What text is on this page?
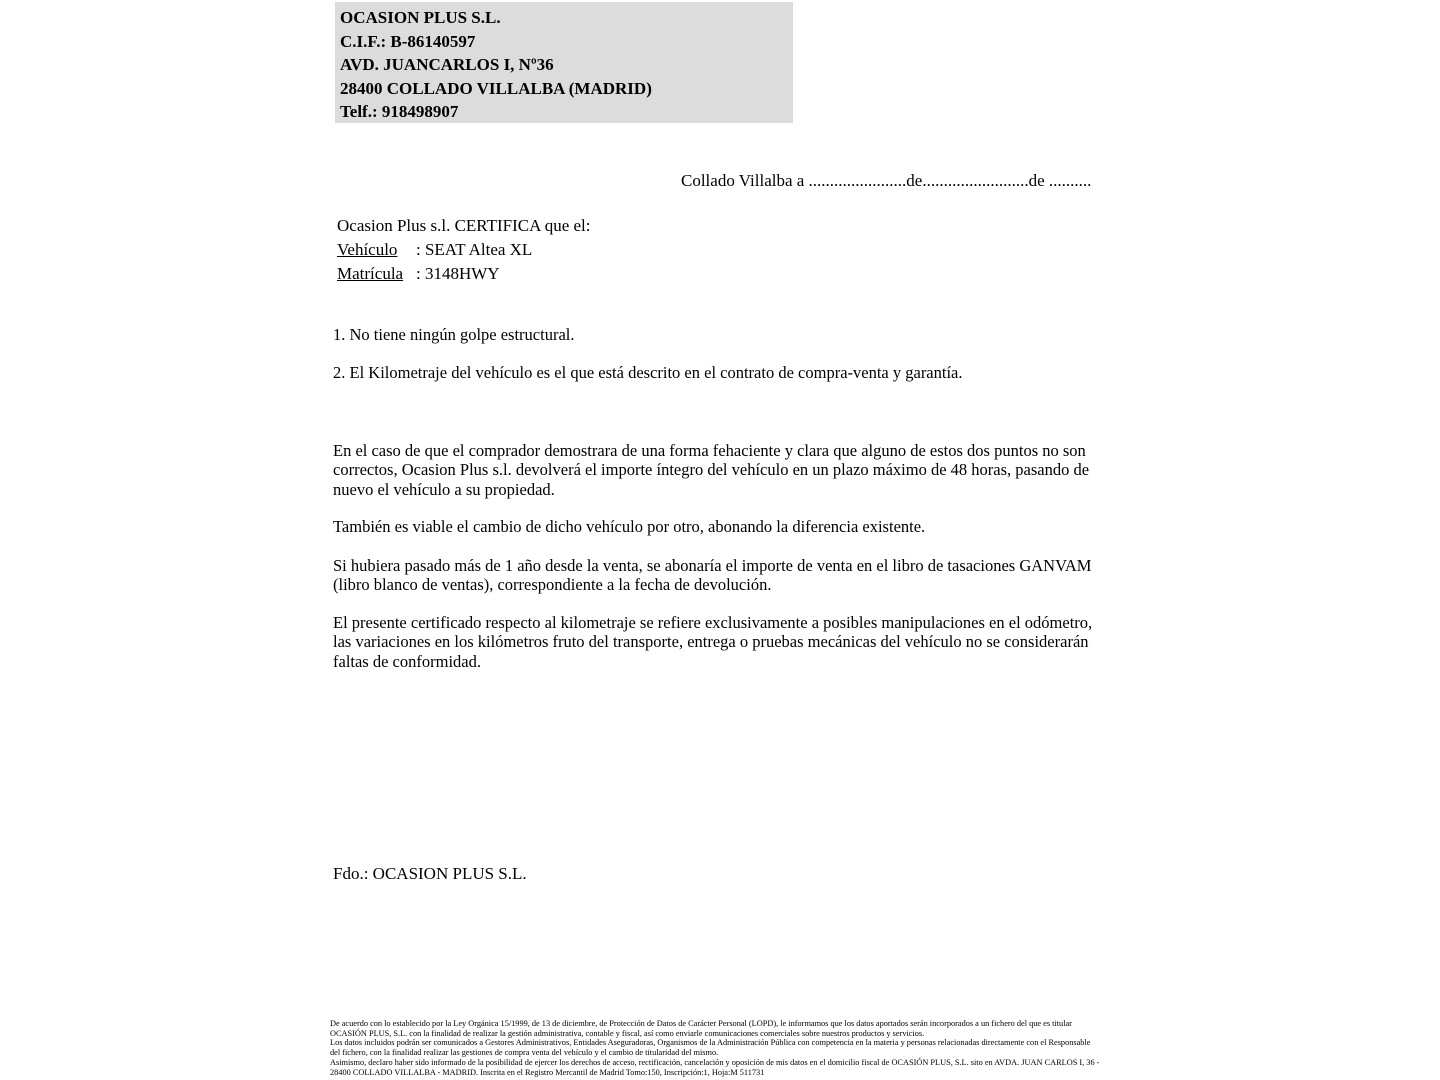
OCASION PLUS S.L.
C.I.F.: B-86140597
AVD. JUANCARLOS I, Nº36
28400 COLLADO VILLALBA (MADRID)
Telf.: 918498907
Collado Villalba a .......................de.........................de ..........
Ocasion Plus s.l. CERTIFICA que el:
Vehículo : SEAT Altea XL
Matrícula : 3148HWY
1. No tiene ningún golpe estructural.
2. El Kilometraje del vehículo es el que está descrito en el contrato de compra-venta y garantía.
En el caso de que el comprador demostrara de una forma fehaciente y clara que alguno de estos dos puntos no son correctos, Ocasion Plus s.l. devolverá el importe íntegro del vehículo en un plazo máximo de 48 horas, pasando de nuevo el vehículo a su propiedad.
También es viable el cambio de dicho vehículo por otro, abonando la diferencia existente.
Si hubiera pasado más de 1 año desde la venta, se abonaría el importe de venta en el libro de tasaciones GANVAM (libro blanco de ventas), correspondiente a la fecha de devolución.
El presente certificado respecto al kilometraje se refiere exclusivamente a posibles manipulaciones en el odómetro, las variaciones en los kilómetros fruto del transporte, entrega o pruebas mecánicas del vehículo no se considerarán faltas de conformidad.
Fdo.: OCASION PLUS S.L.
De acuerdo con lo establecido por la Ley Orgánica 15/1999, de 13 de diciembre, de Protección de Datos de Carácter Personal (LOPD), le informamos que los datos aportados serán incorporados a un fichero del que es titular OCASIÓN PLUS, S.L. con la finalidad de realizar la gestión administrativa, contable y fiscal, así como enviarle comunicaciones comerciales sobre nuestros productos y servicios.
Los datos incluidos podrán ser comunicados a Gestores Administrativos, Entidades Aseguradoras, Organismos de la Administración Pública con competencia en la materia y personas relacionadas directamente con el Responsable del fichero, con la finalidad realizar las gestiones de compra venta del vehículo y el cambio de titularidad del mismo.
Asimismo, declaro haber sido informado de la posibilidad de ejercer los derechos de acceso, rectificación, cancelación y oposición de mis datos en el domicilio fiscal de OCASIÓN PLUS, S.L. sito en AVDA. JUAN CARLOS I, 36 - 28400 COLLADO VILLALBA - MADRID. Inscrita en el Registro Mercantil de Madrid Tomo:150, Inscripción:1, Hoja:M 511731
